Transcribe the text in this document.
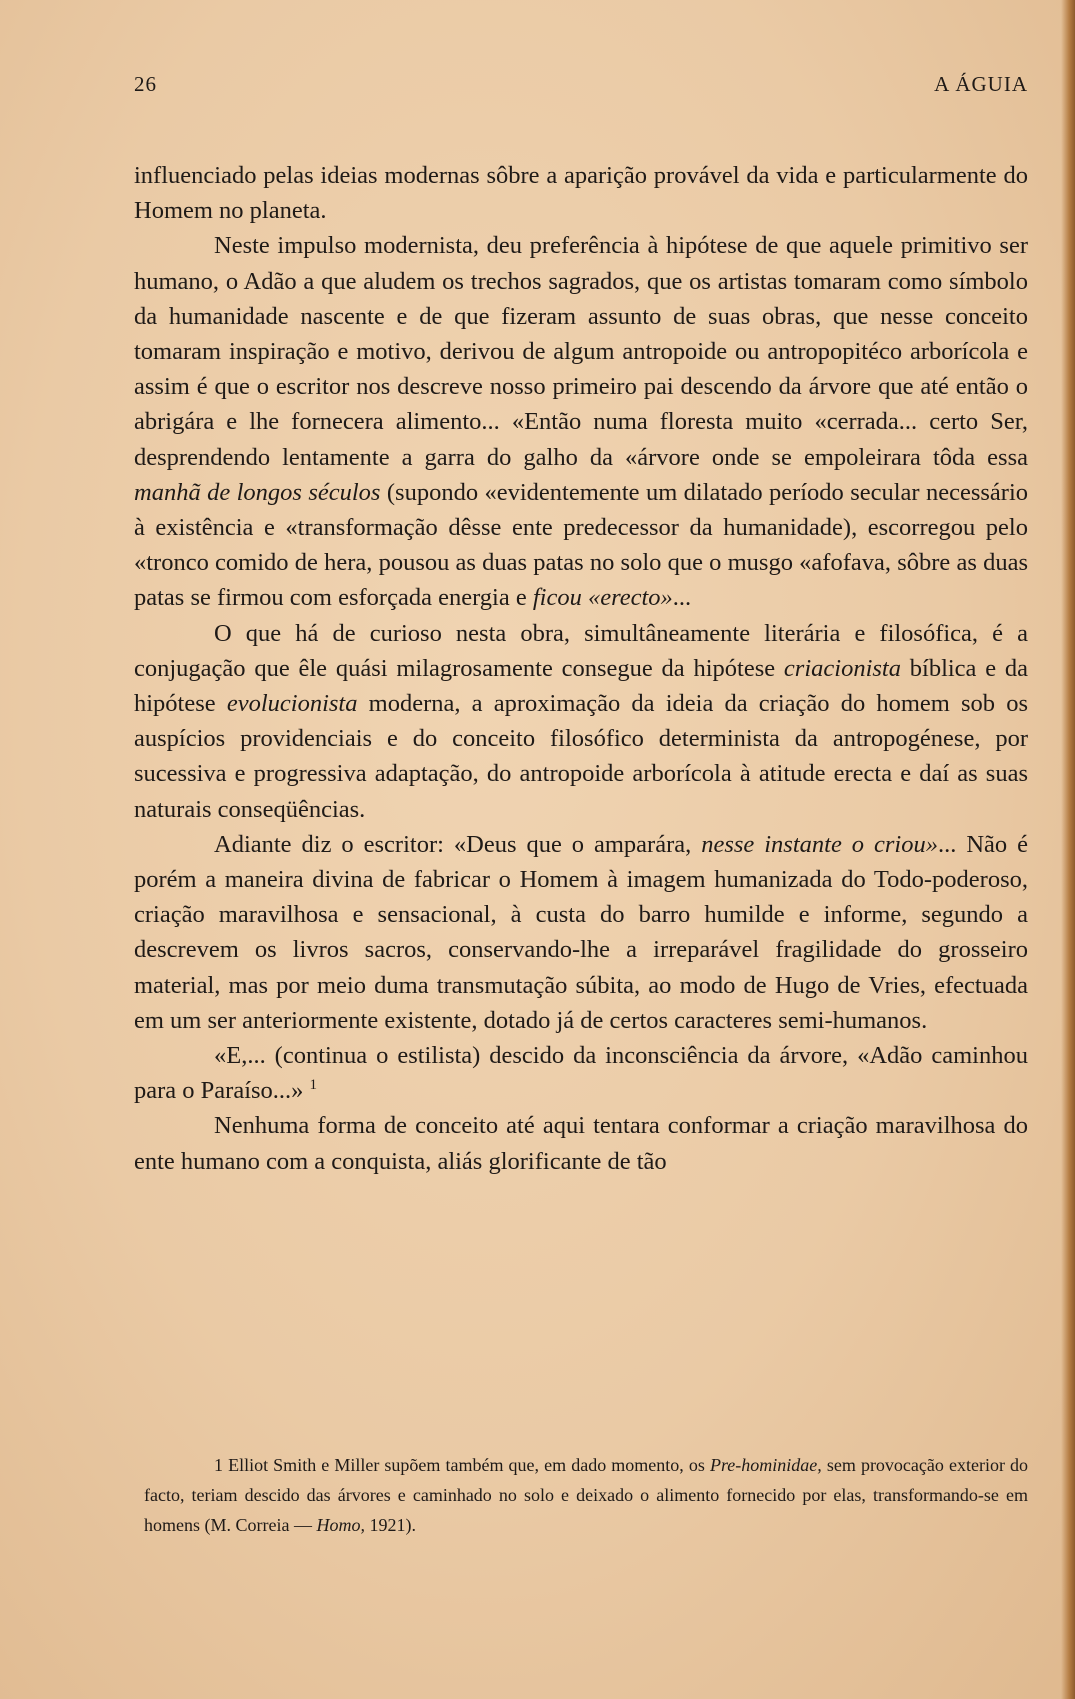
26	A ÁGUIA

influenciado pelas ideias modernas sôbre a aparição provável da vida e particularmente do Homem no planeta.

Neste impulso modernista, deu preferência à hipótese de que aquele primitivo ser humano, o Adão a que aludem os trechos sagrados, que os artistas tomaram como símbolo da humanidade nascente e de que fizeram assunto de suas obras, que nesse conceito tomaram inspiração e motivo, derivou de algum antropoide ou antropopitéco arborícola e assim é que o escritor nos descreve nosso primeiro pai descendo da árvore que até então o abrigára e lhe fornecera alimento... «Então numa floresta muito «cerrada... certo Ser, desprendendo lentamente a garra do galho da «árvore onde se empoleirara tôda essa manhã de longos séculos (supondo «evidentemente um dilatado período secular necessário à existência e «transformação dêsse ente predecessor da humanidade), escorregou pelo «tronco comido de hera, pousou as duas patas no solo que o musgo «afofava, sôbre as duas patas se firmou com esforçada energia e ficou «erecto»...

O que há de curioso nesta obra, simultâneamente literária e filosófica, é a conjugação que êle quási milagrosamente consegue da hipótese criacionista bíblica e da hipótese evolucionista moderna, a aproximação da ideia da criação do homem sob os auspícios providenciais e do conceito filosófico determinista da antropogénese, por sucessiva e progressiva adaptação, do antropoide arborícola à atitude erecta e daí as suas naturais conseqüências.

Adiante diz o escritor: «Deus que o amparára, nesse instante o criou»... Não é porém a maneira divina de fabricar o Homem à imagem humanizada do Todo-poderoso, criação maravilhosa e sensacional, à custa do barro humilde e informe, segundo a descrevem os livros sacros, conservando-lhe a irreparável fragilidade do grosseiro material, mas por meio duma transmutação súbita, ao modo de Hugo de Vries, efectuada em um ser anteriormente existente, dotado já de certos caracteres semi-humanos.

«E,... (continua o estilista) descido da inconsciência da árvore, «Adão caminhou para o Paraíso...» $^1$

Nenhuma forma de conceito até aqui tentara conformar a criação maravilhosa do ente humano com a conquista, aliás glorificante de tão

1 Elliot Smith e Miller supõem também que, em dado momento, os Pre-hominidae, sem provocação exterior do facto, teriam descido das árvores e caminhado no solo e deixado o alimento fornecido por elas, transformando-se em homens (M. Correia — Homo, 1921).
